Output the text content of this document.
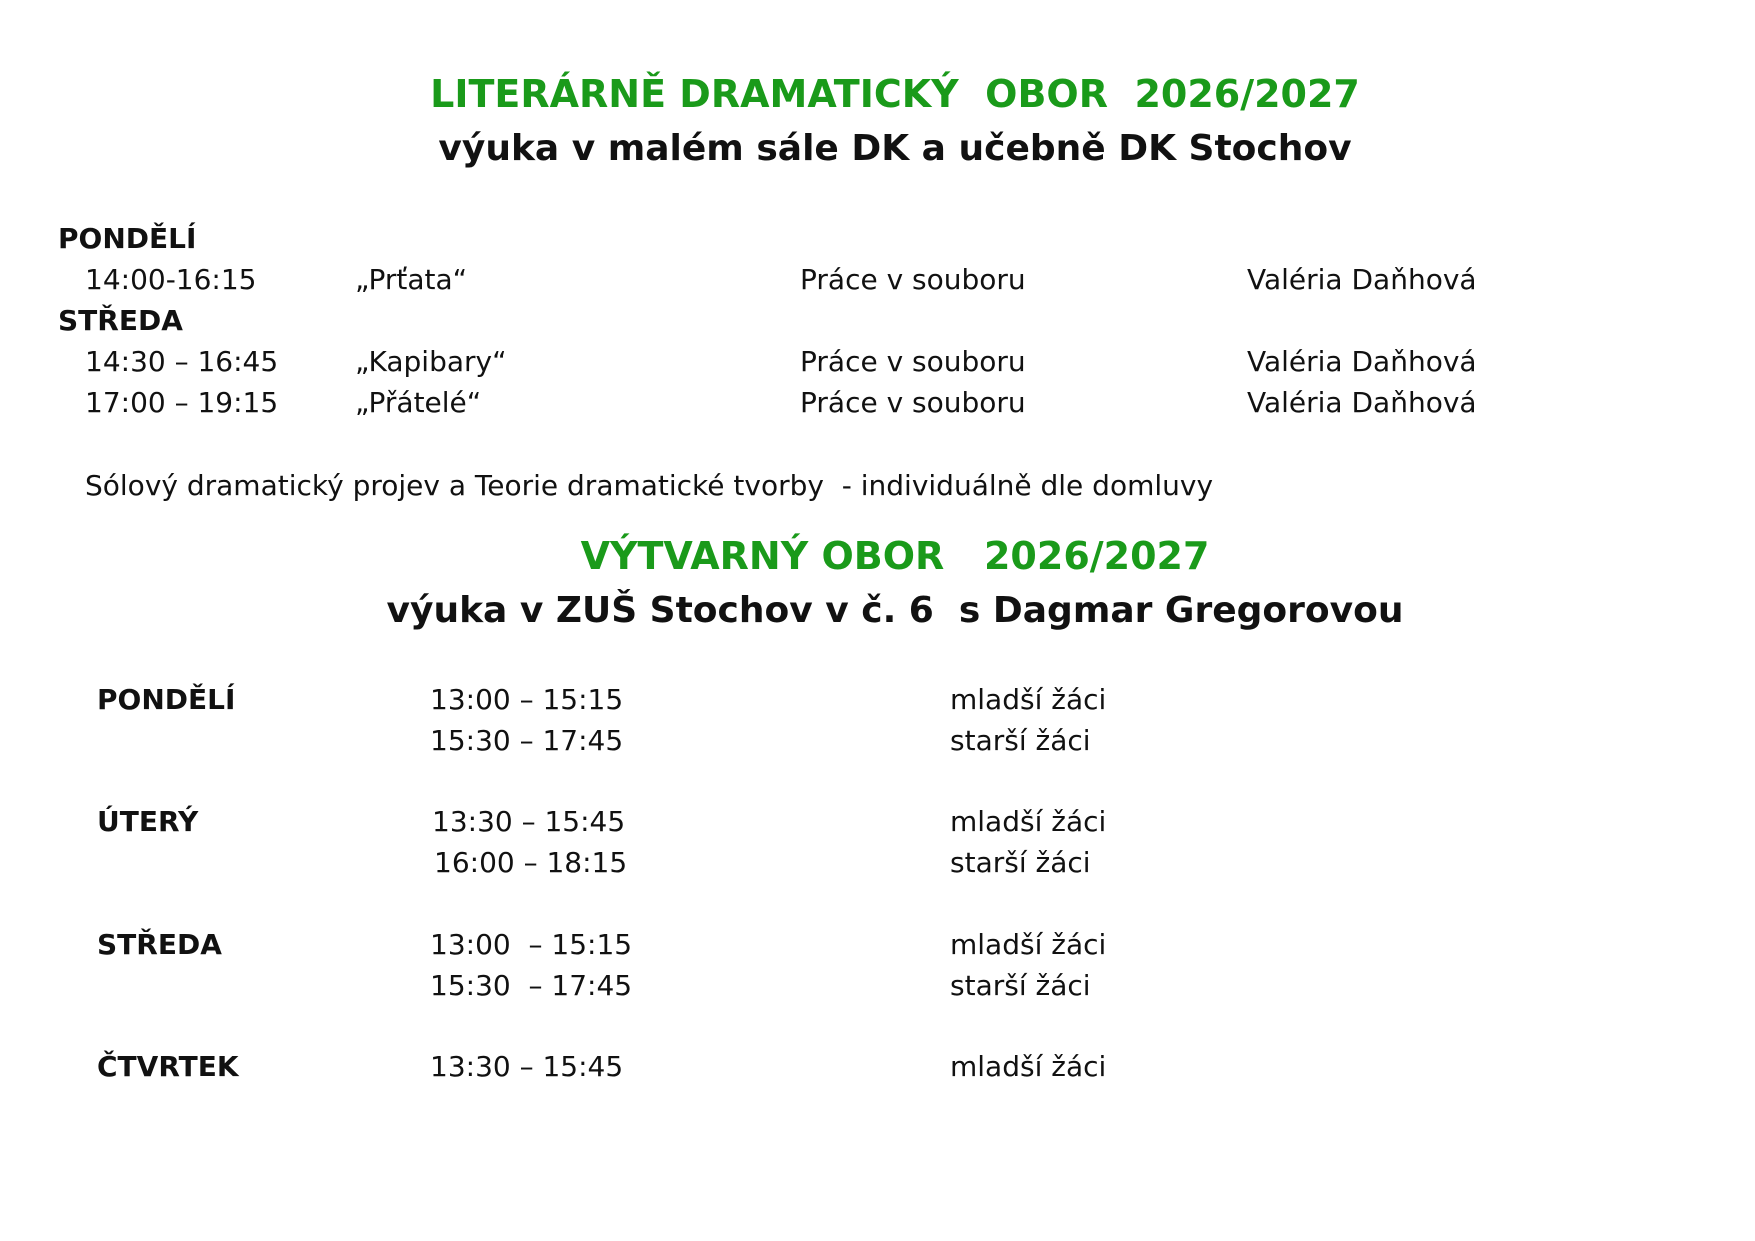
LITERÁRNĚ DRAMATICKÝ  OBOR  2026/2027
výuka v malém sále DK a učebně DK Stochov
PONDĚLÍ
14:00-16:15	„Prťata“	Práce v souboru	Valéria Daňhová
STŘEDA
14:30 – 16:45	„Kapibary“	Práce v souboru	Valéria Daňhová
17:00 – 19:15	„Přátelé“	Práce v souboru	Valéria Daňhová
Sólový dramatický projev a Teorie dramatické tvorby  - individuálně dle domluvy
VÝTVARNÝ OBOR   2026/2027
výuka v ZUŠ Stochov v č. 6  s Dagmar Gregorovou
PONDĚLÍ	13:00 – 15:15	mladší žáci
15:30 – 17:45	starší žáci
ÚTERÝ	13:30 – 15:45	mladší žáci
16:00 – 18:15	starší žáci
STŘEDA	13:00  – 15:15	mladší žáci
15:30  – 17:45	starší žáci
ČTVRTEK	13:30 – 15:45	mladší žáci
